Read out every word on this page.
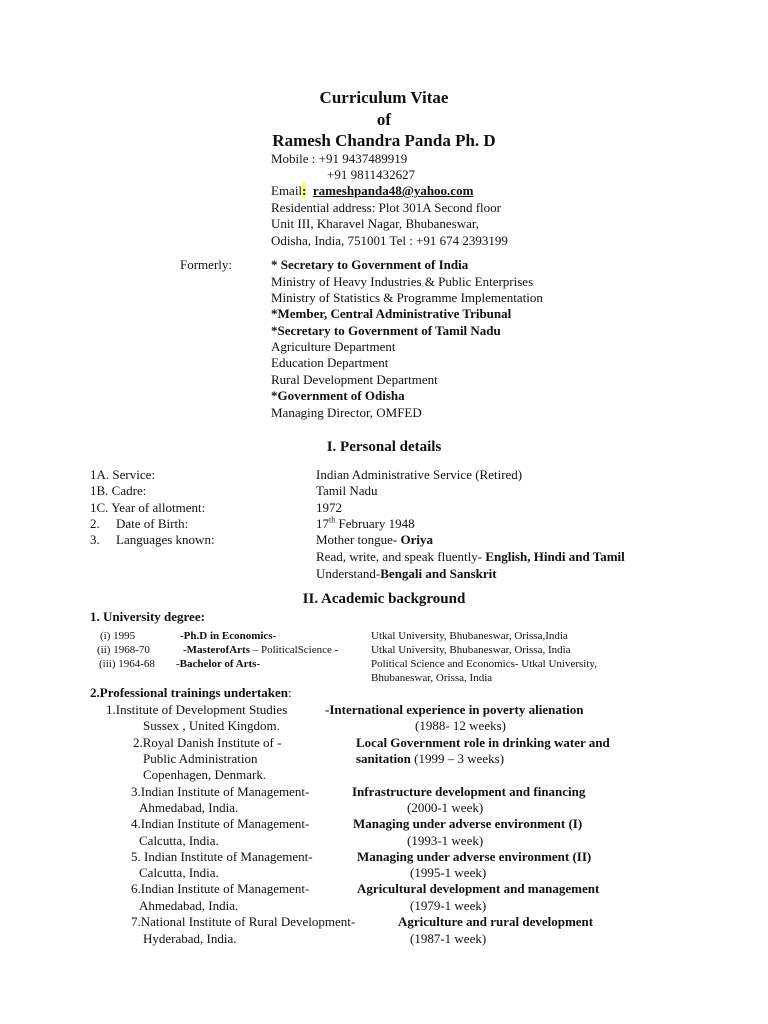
Curriculum Vitae
of
Ramesh Chandra Panda Ph. D
Mobile : +91 9437489919
+91 9811432627
Email: rameshpanda48@yahoo.com
Residential address: Plot 301A Second floor
Unit III, Kharavel Nagar, Bhubaneswar,
Odisha, India, 751001 Tel : +91 674 2393199
Formerly:	* Secretary to Government of India
Ministry of Heavy Industries & Public Enterprises
Ministry of Statistics & Programme Implementation
*Member, Central Administrative Tribunal
*Secretary to Government of Tamil Nadu
Agriculture Department
Education Department
Rural Development Department
*Government of Odisha
Managing Director, OMFED
I. Personal details
1A. Service:	Indian Administrative Service (Retired)
1B. Cadre:	Tamil Nadu
1C. Year of allotment:	1972
2. Date of Birth:	17th February 1948
3. Languages known:	Mother tongue- Oriya
Read, write, and speak fluently- English, Hindi and Tamil
Understand-Bengali and Sanskrit
II. Academic background
1. University degree:
(i) 1995	-Ph.D in Economics-	Utkal University, Bhubaneswar, Orissa,India
(ii) 1968-70	-MasterofArts – PoliticalScience -	Utkal University, Bhubaneswar, Orissa, India
(iii) 1964-68 -Bachelor of Arts-	Political Science and Economics- Utkal University,
Bhubaneswar, Orissa, India
2.Professional trainings undertaken:
1.Institute of Development Studies	-International experience in poverty alienation
Sussex , United Kingdom.	(1988- 12 weeks)
2.Royal Danish Institute of -	Local Government role in drinking water and
Public Administration	sanitation (1999 – 3 weeks)
Copenhagen, Denmark.
3.Indian Institute of Management-	Infrastructure development and financing
Ahmedabad, India.	(2000-1 week)
4.Indian Institute of Management-	Managing under adverse environment (I)
Calcutta, India.	(1993-1 week)
5. Indian Institute of Management-	Managing under adverse environment (II)
Calcutta, India.	(1995-1 week)
6.Indian Institute of Management-	Agricultural development and management
Ahmedabad, India.	(1979-1 week)
7.National Institute of Rural Development-	Agriculture and rural development
Hyderabad, India.	(1987-1 week)
